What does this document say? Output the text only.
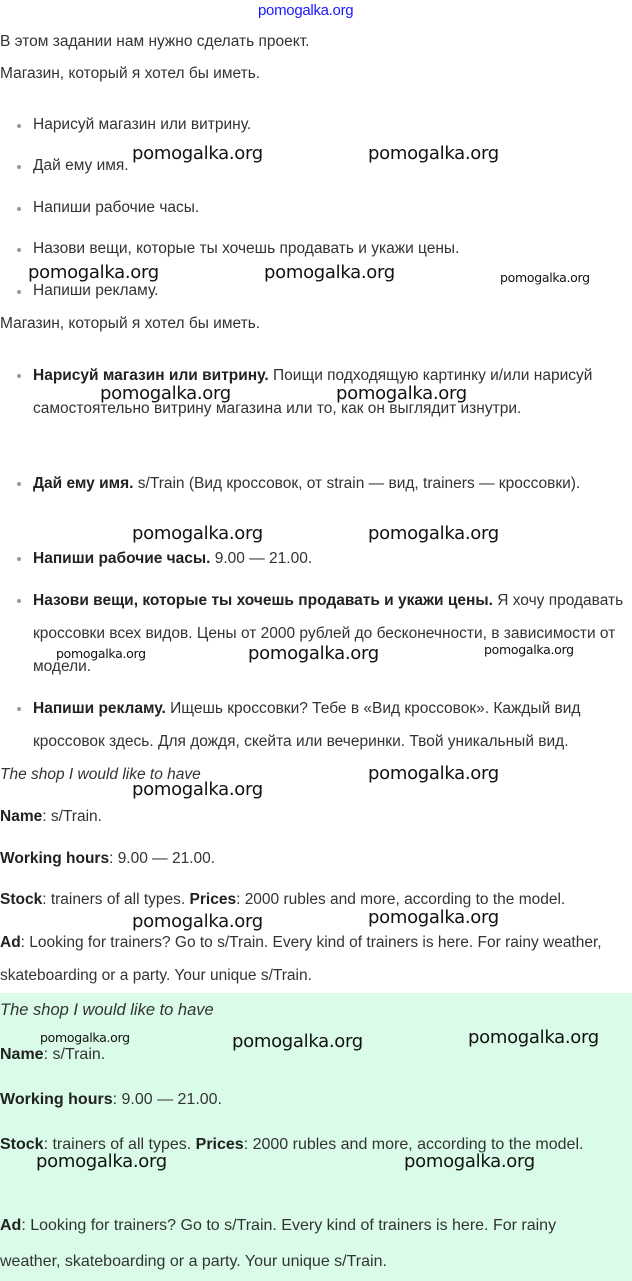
В этом задании нам нужно сделать проект.
Магазин, который я хотел бы иметь.
Нарисуй магазин или витрину.
Дай ему имя.
Напиши рабочие часы.
Назови вещи, которые ты хочешь продавать и укажи цены.
Напиши рекламу.
Магазин, который я хотел бы иметь.
Нарисуй магазин или витрину. Поищи подходящую картинку и/или нарисуй самостоятельно витрину магазина или то, как он выглядит изнутри.
Дай ему имя. s/Train (Вид кроссовок, от strain — вид, trainers — кроссовки).
Напиши рабочие часы. 9.00 — 21.00.
Назови вещи, которые ты хочешь продавать и укажи цены. Я хочу продавать кроссовки всех видов. Цены от 2000 рублей до бесконечности, в зависимости от модели.
Напиши рекламу. Ищешь кроссовки? Тебе в «Вид кроссовок». Каждый вид кроссовок здесь. Для дождя, скейта или вечеринки. Твой уникальный вид.
The shop I would like to have
Name: s/Train.
Working hours: 9.00 — 21.00.
Stock: trainers of all types. Prices: 2000 rubles and more, according to the model.
Ad: Looking for trainers? Go to s/Train. Every kind of trainers is here. For rainy weather, skateboarding or a party. Your unique s/Train.
The shop I would like to have
Name: s/Train.
Working hours: 9.00 — 21.00.
Stock: trainers of all types. Prices: 2000 rubles and more, according to the model.
Ad: Looking for trainers? Go to s/Train. Every kind of trainers is here. For rainy weather, skateboarding or a party. Your unique s/Train.
pomogalka.org
pomogalka.org	pomogalka.org
pomogalka.org	pomogalka.org	pomogalka.org
pomogalka.org	pomogalka.org
pomogalka.org	pomogalka.org
pomogalka.org	pomogalka.org	pomogalka.org
pomogalka.org
pomogalka.org
pomogalka.org	pomogalka.org
pomogalka.org	pomogalka.org	pomogalka.org
pomogalka.org	pomogalka.org
